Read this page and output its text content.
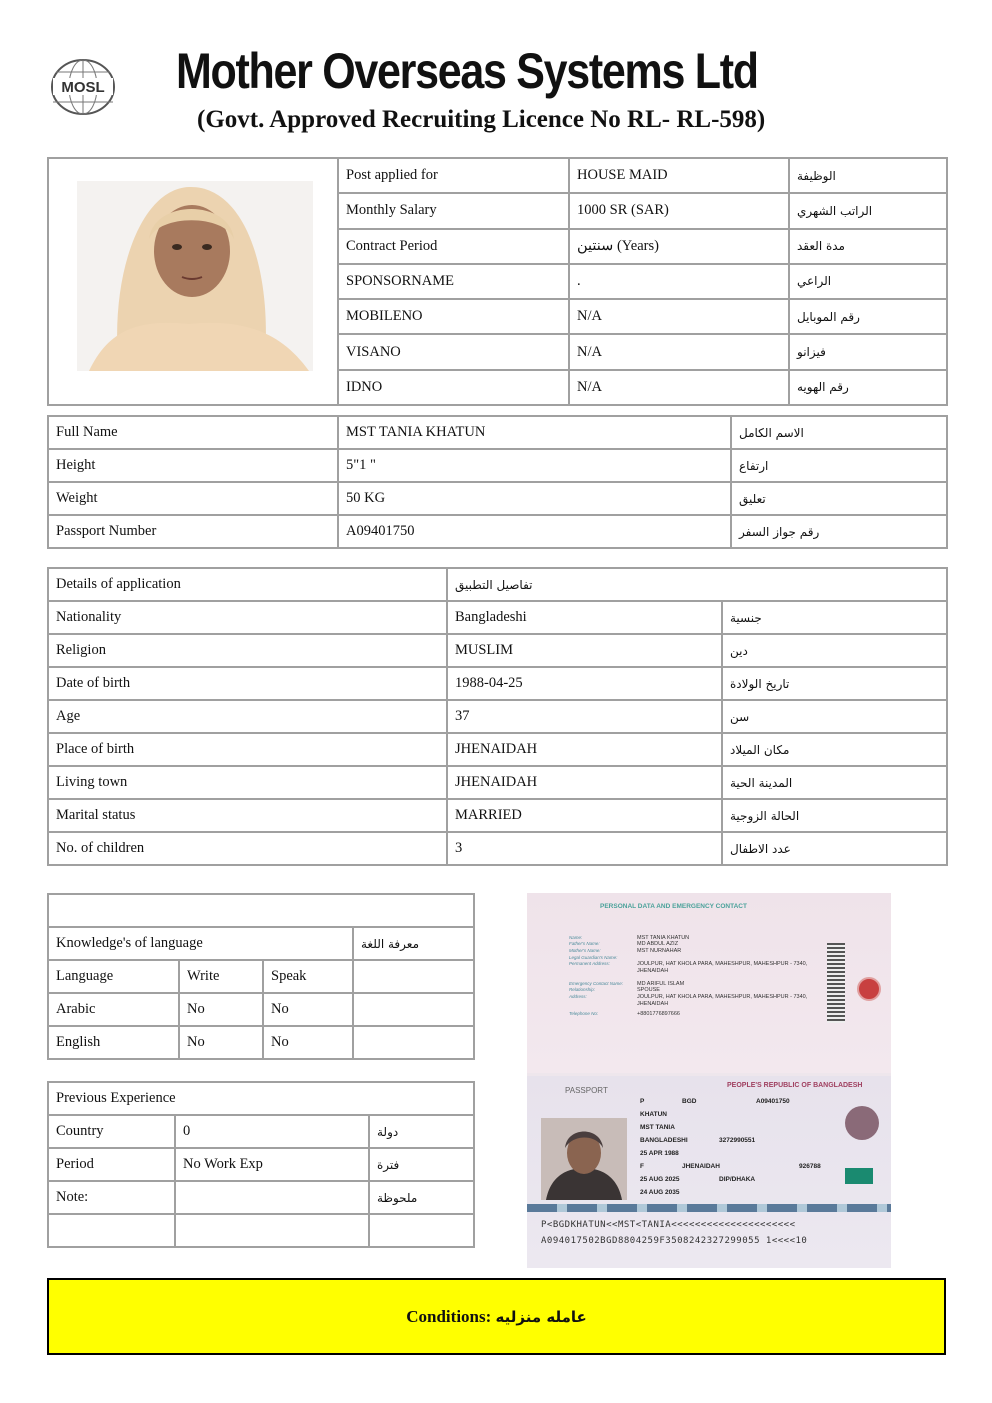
MOSL Mother Overseas Systems Ltd
(Govt. Approved Recruiting Licence No RL- RL-598)
	Post applied for	HOUSE MAID	الوظيفة

	Monthly Salary	1000 SR (SAR)	الراتب الشهري

	Contract Period	سنتين (Years)	مدة العقد

	SPONSORNAME	.	الراعي

	MOBILENO	N/A	رقم الموبايل

	VISANO	N/A	فيزانو

	IDNO	N/A	رقم الهويه
Full Name	MST TANIA KHATUN	الاسم الكامل

Height	5"1 "	ارتفاع

Weight	50 KG	تعليق

Passport Number	A09401750	رقم جواز السفر
Details of application	تفاصيل التطبيق	

Nationality	Bangladeshi	جنسية

Religion	MUSLIM	دين

Date of birth	1988-04-25	تاريخ الولادة

Age	37	سن

Place of birth	JHENAIDAH	مكان الميلاد

Living town	JHENAIDAH	المدينة الحية

Marital status	MARRIED	الحالة الزوجية

No. of children	3	عدد الاطفال

Knowledge's of language			معرفة اللغة

Language	Write	Speak	
Arabic	No	No	
English	No	No	
Previous Experience		
Country	0	دولة

Period	No Work Exp	فترة

Note:		ملحوظة

PERSONAL DATA AND EMERGENCY CONTACT
Name:	MST TANIA KHATUN
Father's Name:	MD ABDUL AZIZ
Mother's Name:	MST NURNAHAR
Legal Guardian's Name:
Permanent Address:	JOULPUR, HAT KHOLA PARA, MAHESHPUR, MAHESHPUR - 7340, JHENAIDAH
Emergency Contact Name:	MD ARIFUL ISLAM
Relationship:	SPOUSE
Address:	JOULPUR, HAT KHOLA PARA, MAHESHPUR, MAHESHPUR - 7340, JHENAIDAH
Telephone No:	+8801776897666
PASSPORT
PEOPLE'S REPUBLIC OF BANGLADESH
P	BGD	A09401750
KHATUN
MST TANIA
BANGLADESHI	3272990551
25 APR 1988
F	JHENAIDAH	926788
25 AUG 2025	DIP/DHAKA
24 AUG 2035
P<BGDKHATUN<<MST<TANIA<<<<<<<<<<<<<<<<<<<<<
A094017502BGD8804259F3508242327299055 1<<<<10
Conditions:
عامله منزليه
